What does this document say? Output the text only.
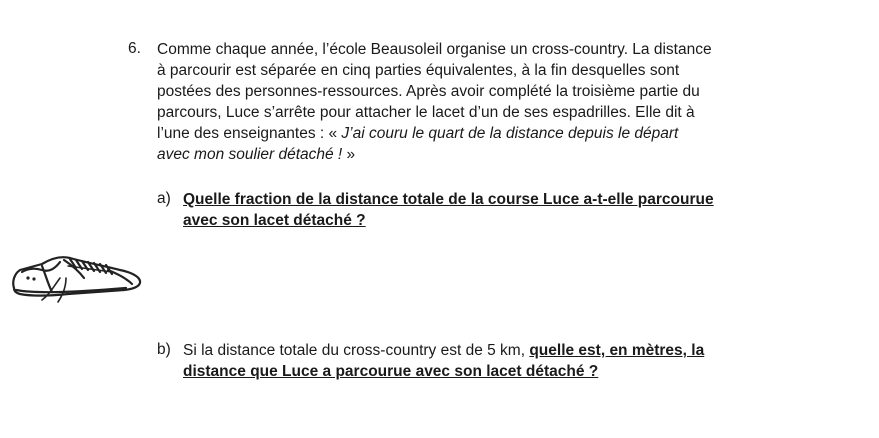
6. Comme chaque année, l’école Beausoleil organise un cross-country. La distance
à parcourir est séparée en cinq parties équivalentes, à la fin desquelles sont
postées des personnes-ressources. Après avoir complété la troisième partie du
parcours, Luce s’arrête pour attacher le lacet d’un de ses espadrilles. Elle dit à
l’une des enseignantes : « J’ai couru le quart de la distance depuis le départ
avec mon soulier détaché ! »
a) Quelle fraction de la distance totale de la course Luce a-t-elle parcourue
avec son lacet détaché ?
b) Si la distance totale du cross-country est de 5 km, quelle est, en mètres, la
distance que Luce a parcourue avec son lacet détaché ?
